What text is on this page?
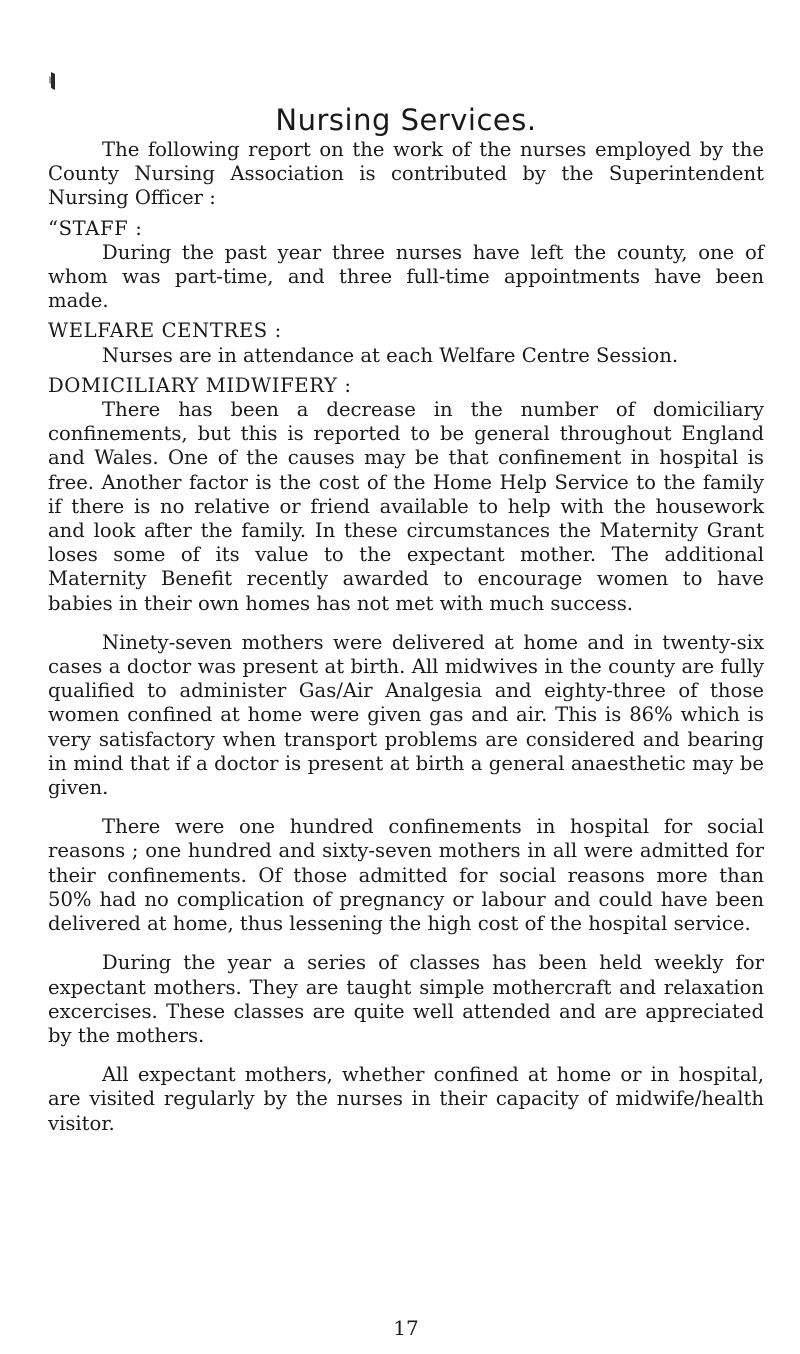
Nursing Services.

The following report on the work of the nurses employed by the County Nursing Association is contributed by the Superintendent Nursing Officer :

“STAFF :

During the past year three nurses have left the county, one of whom was part-time, and three full-time appointments have been made.

WELFARE CENTRES :

Nurses are in attendance at each Welfare Centre Session.

DOMICILIARY MIDWIFERY :

There has been a decrease in the number of domiciliary confinements, but this is reported to be general throughout England and Wales. One of the causes may be that confinement in hospital is free. Another factor is the cost of the Home Help Service to the family if there is no relative or friend available to help with the housework and look after the family. In these circumstances the Maternity Grant loses some of its value to the expectant mother. The additional Maternity Benefit recently awarded to encourage women to have babies in their own homes has not met with much success.

Ninety-seven mothers were delivered at home and in twenty-six cases a doctor was present at birth. All midwives in the county are fully qualified to administer Gas/Air Analgesia and eighty-three of those women confined at home were given gas and air. This is 86% which is very satisfactory when transport problems are considered and bearing in mind that if a doctor is present at birth a general anaesthetic may be given.

There were one hundred confinements in hospital for social reasons ; one hundred and sixty-seven mothers in all were admitted for their confinements. Of those admitted for social reasons more than 50% had no complication of pregnancy or labour and could have been delivered at home, thus lessening the high cost of the hospital service.

During the year a series of classes has been held weekly for expectant mothers. They are taught simple mothercraft and relaxation excercises. These classes are quite well attended and are appreciated by the mothers.

All expectant mothers, whether confined at home or in hospital, are visited regularly by the nurses in their capacity of midwife/health visitor.

17
